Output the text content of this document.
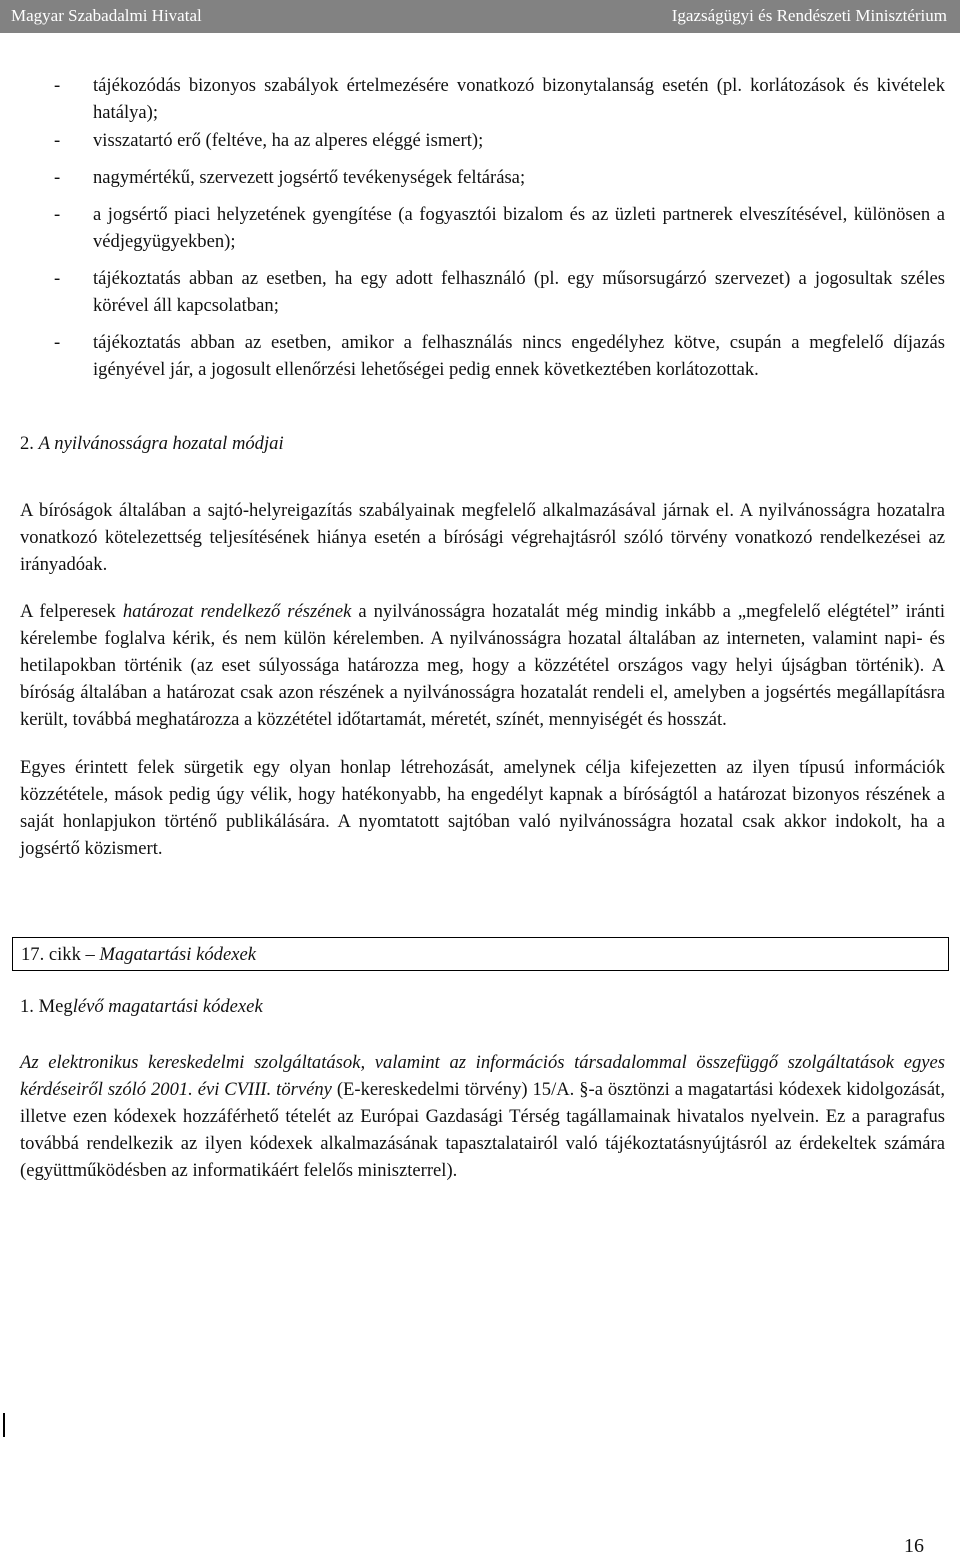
Magyar Szabadalmi Hivatal	Igazságügyi és Rendészeti Minisztérium
- tájékozódás bizonyos szabályok értelmezésére vonatkozó bizonytalanság esetén (pl. korlátozások és kivételek hatálya);
- visszatartó erő (feltéve, ha az alperes eléggé ismert);
- nagymértékű, szervezett jogsértő tevékenységek feltárása;
- a jogsértő piaci helyzetének gyengítése (a fogyasztói bizalom és az üzleti partnerek elveszítésével, különösen a védjegyügyekben);
- tájékoztatás abban az esetben, ha egy adott felhasználó (pl. egy műsorsugárzó szervezet) a jogosultak széles körével áll kapcsolatban;
- tájékoztatás abban az esetben, amikor a felhasználás nincs engedélyhez kötve, csupán a megfelelő díjazás igényével jár, a jogosult ellenőrzési lehetőségei pedig ennek következtében korlátozottak.

2. A nyilvánosságra hozatal módjai

A bíróságok általában a sajtó-helyreigazítás szabályainak megfelelő alkalmazásával járnak el. A nyilvánosságra hozatalra vonatkozó kötelezettség teljesítésének hiánya esetén a bírósági végrehajtásról szóló törvény vonatkozó rendelkezései az irányadóak.

A felperesek határozat rendelkező részének a nyilvánosságra hozatalát még mindig inkább a „megfelelő elégtétel” iránti kérelembe foglalva kérik, és nem külön kérelemben. A nyilvánosságra hozatal általában az interneten, valamint napi- és hetilapokban történik (az eset súlyossága határozza meg, hogy a közzététel országos vagy helyi újságban történik). A bíróság általában a határozat csak azon részének a nyilvánosságra hozatalát rendeli el, amelyben a jogsértés megállapításra került, továbbá meghatározza a közzététel időtartamát, méretét, színét, mennyiségét és hosszát.

Egyes érintett felek sürgetik egy olyan honlap létrehozását, amelynek célja kifejezetten az ilyen típusú információk közzététele, mások pedig úgy vélik, hogy hatékonyabb, ha engedélyt kapnak a bíróságtól a határozat bizonyos részének a saját honlapjukon történő publikálására. A nyomtatott sajtóban való nyilvánosságra hozatal csak akkor indokolt, ha a jogsértő közismert.

17. cikk – Magatartási kódexek

1. Meglévő magatartási kódexek

Az elektronikus kereskedelmi szolgáltatások, valamint az információs társadalommal összefüggő szolgáltatások egyes kérdéseiről szóló 2001. évi CVIII. törvény (E-kereskedelmi törvény) 15/A. §-a ösztönzi a magatartási kódexek kidolgozását, illetve ezen kódexek hozzáférhető tételét az Európai Gazdasági Térség tagállamainak hivatalos nyelvein. Ez a paragrafus továbbá rendelkezik az ilyen kódexek alkalmazásának tapasztalatairól való tájékoztatásnyújtásról az érdekeltek számára (együttműködésben az informatikáért felelős miniszterrel).

16
